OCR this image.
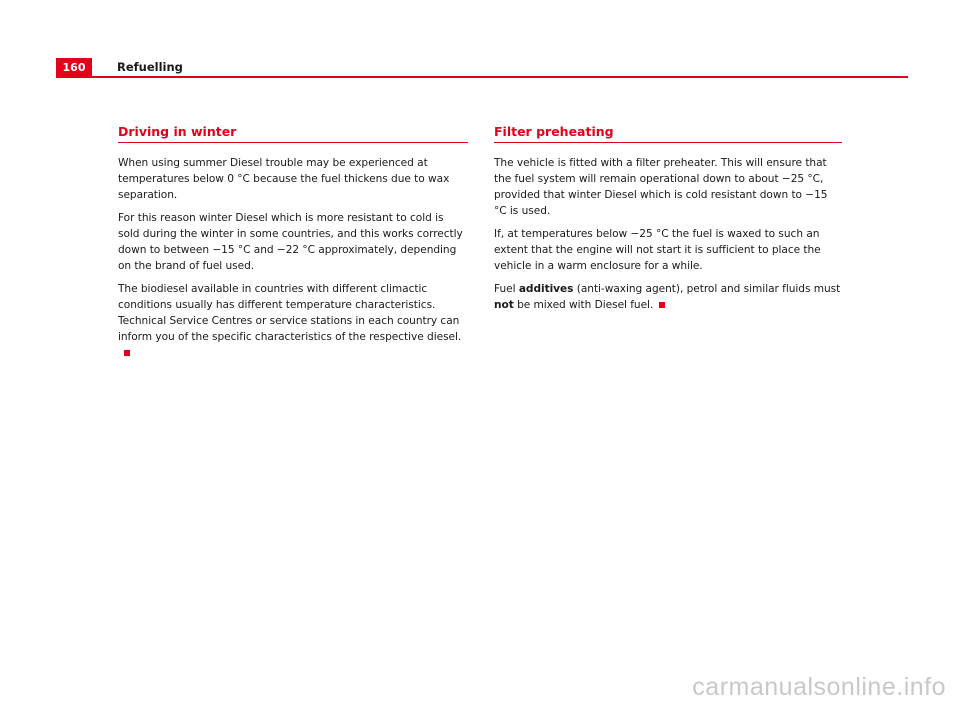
160	Refuelling
Driving in winter

When using summer Diesel trouble may be experienced at temperatures below 0 °C because the fuel thickens due to wax separation.

For this reason winter Diesel which is more resistant to cold is sold during the winter in some countries, and this works correctly down to between −15 °C and −22 °C approximately, depending on the brand of fuel used.

The biodiesel available in countries with different climactic conditions usually has different temperature characteristics. Technical Service Centres or service stations in each country can inform you of the specific characteristics of the respective diesel.

Filter preheating

The vehicle is fitted with a filter preheater. This will ensure that the fuel system will remain operational down to about −25 °C, provided that winter Diesel which is cold resistant down to −15 °C is used.

If, at temperatures below −25 °C the fuel is waxed to such an extent that the engine will not start it is sufficient to place the vehicle in a warm enclosure for a while.

Fuel additives (anti-waxing agent), petrol and similar fluids must not be mixed with Diesel fuel.

carmanualsonline.info
